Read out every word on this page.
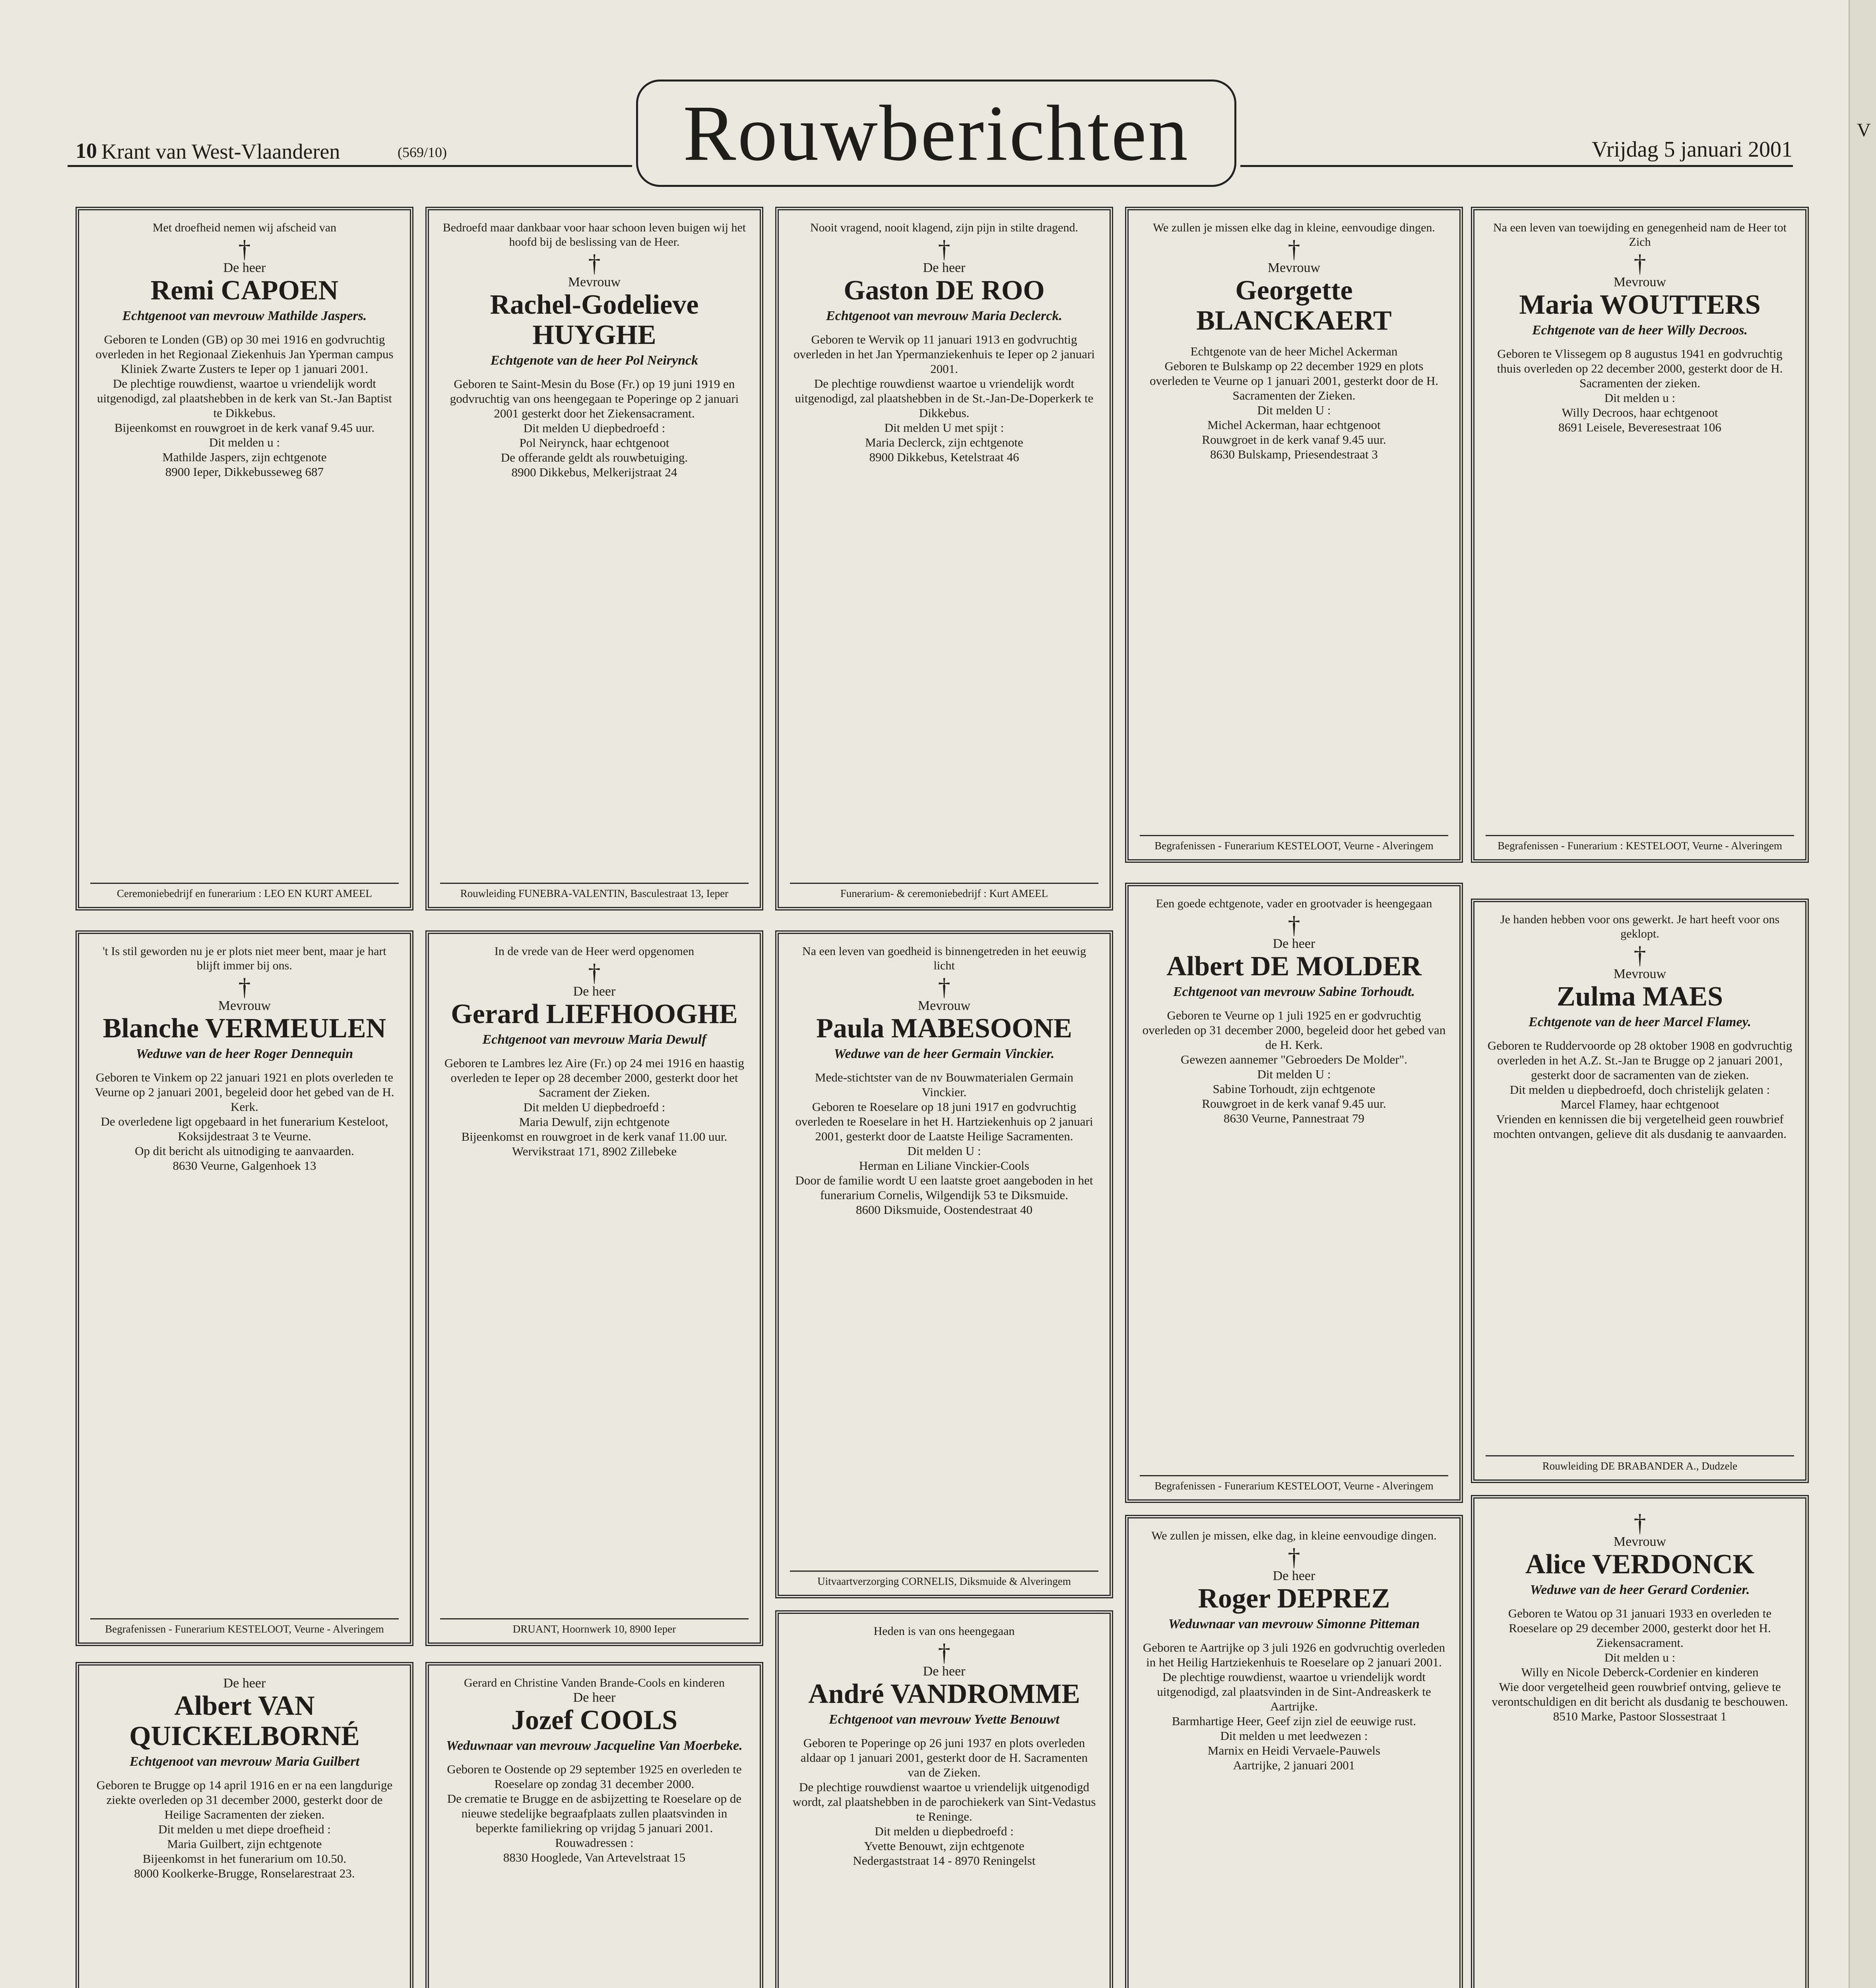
10 Krant van West-Vlaanderen	(569/10)	Rouwberichten	Vrijdag 5 januari 2001
V
Met droefheid nemen wij afscheid van
†
De heer
Remi CAPOEN
Echtgenoot van mevrouw Mathilde Jaspers.
Geboren te Londen (GB) op 30 mei 1916 en godvruchtig overleden in het Regionaal Ziekenhuis Jan Yperman campus Kliniek Zwarte Zusters te Ieper op 1 januari 2001.
De plechtige rouwdienst, waartoe u vriendelijk wordt uitgenodigd, zal plaatshebben in de kerk van St.-Jan Baptist te Dikkebus.
Bijeenkomst en rouwgroet in de kerk vanaf 9.45 uur.
Dit melden u :
Mathilde Jaspers, zijn echtgenote
8900 Ieper, Dikkebusseweg 687
Ceremoniebedrijf en funerarium : LEO EN KURT AMEEL
Bedroefd maar dankbaar voor haar schoon leven buigen wij het hoofd bij de beslissing van de Heer.
†
Mevrouw
Rachel-Godelieve HUYGHE
Echtgenote van de heer Pol Neirynck
Geboren te Saint-Mesin du Bose (Fr.) op 19 juni 1919 en godvruchtig van ons heengegaan te Poperinge op 2 januari 2001 gesterkt door het Ziekensacrament.
Dit melden U diepbedroefd :
Pol Neirynck, haar echtgenoot
De offerande geldt als rouwbetuiging.
8900 Dikkebus, Melkerijstraat 24
Rouwleiding FUNEBRA-VALENTIN, Basculestraat 13, Ieper
Nooit vragend, nooit klagend, zijn pijn in stilte dragend.
†
De heer
Gaston DE ROO
Echtgenoot van mevrouw Maria Declerck.
Geboren te Wervik op 11 januari 1913 en godvruchtig overleden in het Jan Ypermanziekenhuis te Ieper op 2 januari 2001.
De plechtige rouwdienst waartoe u vriendelijk wordt uitgenodigd, zal plaatshebben in de St.-Jan-De-Doperkerk te Dikkebus.
Dit melden U met spijt :
Maria Declerck, zijn echtgenote
8900 Dikkebus, Ketelstraat 46
Funerarium- & ceremoniebedrijf : Kurt AMEEL
We zullen je missen elke dag in kleine, eenvoudige dingen.
†
Mevrouw
Georgette BLANCKAERT
Echtgenote van de heer Michel Ackerman
Geboren te Bulskamp op 22 december 1929 en plots overleden te Veurne op 1 januari 2001, gesterkt door de H. Sacramenten der Zieken.
Dit melden U :
Michel Ackerman, haar echtgenoot
Rouwgroet in de kerk vanaf 9.45 uur.
8630 Bulskamp, Priesendestraat 3
Begrafenissen - Funerarium KESTELOOT, Veurne - Alveringem
Na een leven van toewijding en genegenheid nam de Heer tot Zich
†
Mevrouw
Maria WOUTTERS
Echtgenote van de heer Willy Decroos.
Geboren te Vlissegem op 8 augustus 1941 en godvruchtig thuis overleden op 22 december 2000, gesterkt door de H. Sacramenten der zieken.
Dit melden u :
Willy Decroos, haar echtgenoot
8691 Leisele, Beveresestraat 106
Begrafenissen - Funerarium : KESTELOOT, Veurne - Alveringem
't Is stil geworden nu je er plots niet meer bent, maar je hart blijft immer bij ons.
†
Mevrouw
Blanche VERMEULEN
Weduwe van de heer Roger Dennequin
Geboren te Vinkem op 22 januari 1921 en plots overleden te Veurne op 2 januari 2001, begeleid door het gebed van de H. Kerk.
De overledene ligt opgebaard in het funerarium Kesteloot, Koksijdestraat 3 te Veurne.
Op dit bericht als uitnodiging te aanvaarden.
8630 Veurne, Galgenhoek 13
Begrafenissen - Funerarium KESTELOOT, Veurne - Alveringem
In de vrede van de Heer werd opgenomen
†
De heer
Gerard LIEFHOOGHE
Echtgenoot van mevrouw Maria Dewulf
Geboren te Lambres lez Aire (Fr.) op 24 mei 1916 en haastig overleden te Ieper op 28 december 2000, gesterkt door het Sacrament der Zieken.
Dit melden U diepbedroefd :
Maria Dewulf, zijn echtgenote
Bijeenkomst en rouwgroet in de kerk vanaf 11.00 uur.
Wervikstraat 171, 8902 Zillebeke
DRUANT, Hoornwerk 10, 8900 Ieper
Na een leven van goedheid is binnengetreden in het eeuwig licht
†
Mevrouw
Paula MABESOONE
Weduwe van de heer Germain Vinckier.
Mede-stichtster van de nv Bouwmaterialen Germain Vinckier.
Geboren te Roeselare op 18 juni 1917 en godvruchtig overleden te Roeselare in het H. Hartziekenhuis op 2 januari 2001, gesterkt door de Laatste Heilige Sacramenten.
Dit melden U :
Herman en Liliane Vinckier-Cools
Door de familie wordt U een laatste groet aangeboden in het funerarium Cornelis, Wilgendijk 53 te Diksmuide.
8600 Diksmuide, Oostendestraat 40
Uitvaartverzorging CORNELIS, Diksmuide & Alveringem
Een goede echtgenote, vader en grootvader is heengegaan
†
De heer
Albert DE MOLDER
Echtgenoot van mevrouw Sabine Torhoudt.
Geboren te Veurne op 1 juli 1925 en er godvruchtig overleden op 31 december 2000, begeleid door het gebed van de H. Kerk.
Gewezen aannemer "Gebroeders De Molder".
Dit melden U :
Sabine Torhoudt, zijn echtgenote
Rouwgroet in de kerk vanaf 9.45 uur.
8630 Veurne, Pannestraat 79
Begrafenissen - Funerarium KESTELOOT, Veurne - Alveringem
Je handen hebben voor ons gewerkt. Je hart heeft voor ons geklopt.
†
Mevrouw
Zulma MAES
Echtgenote van de heer Marcel Flamey.
Geboren te Ruddervoorde op 28 oktober 1908 en godvruchtig overleden in het A.Z. St.-Jan te Brugge op 2 januari 2001, gesterkt door de sacramenten van de zieken.
Dit melden u diepbedroefd, doch christelijk gelaten :
Marcel Flamey, haar echtgenoot
Vrienden en kennissen die bij vergetelheid geen rouwbrief mochten ontvangen, gelieve dit als dusdanig te aanvaarden.
Rouwleiding DE BRABANDER A., Dudzele
De heer
Albert VAN QUICKELBORNÉ
Echtgenoot van mevrouw Maria Guilbert
Geboren te Brugge op 14 april 1916 en er na een langdurige ziekte overleden op 31 december 2000, gesterkt door de Heilige Sacramenten der zieken.
Dit melden u met diepe droefheid :
Maria Guilbert, zijn echtgenote
Bijeenkomst in het funerarium om 10.50.
8000 Koolkerke-Brugge, Ronselarestraat 23.
Gerard en Christine Vanden Brande-Cools en kinderen
De heer
Jozef COOLS
Weduwnaar van mevrouw Jacqueline Van Moerbeke.
Geboren te Oostende op 29 september 1925 en overleden te Roeselare op zondag 31 december 2000.
De crematie te Brugge en de asbijzetting te Roeselare op de nieuwe stedelijke begraafplaats zullen plaatsvinden in beperkte familiekring op vrijdag 5 januari 2001.
Rouwadressen :
8830 Hooglede, Van Artevelstraat 15
Heden is van ons heengegaan
†
De heer
André VANDROMME
Echtgenoot van mevrouw Yvette Benouwt
Geboren te Poperinge op 26 juni 1937 en plots overleden aldaar op 1 januari 2001, gesterkt door de H. Sacramenten van de Zieken.
De plechtige rouwdienst waartoe u vriendelijk uitgenodigd wordt, zal plaatshebben in de parochiekerk van Sint-Vedastus te Reninge.
Dit melden u diepbedroefd :
Yvette Benouwt, zijn echtgenote
Nedergaststraat 14 - 8970 Reningelst
We zullen je missen, elke dag, in kleine eenvoudige dingen.
†
De heer
Roger DEPREZ
Weduwnaar van mevrouw Simonne Pitteman
Geboren te Aartrijke op 3 juli 1926 en godvruchtig overleden in het Heilig Hartziekenhuis te Roeselare op 2 januari 2001.
De plechtige rouwdienst, waartoe u vriendelijk wordt uitgenodigd, zal plaatsvinden in de Sint-Andreaskerk te Aartrijke.
Barmhartige Heer, Geef zijn ziel de eeuwige rust.
Dit melden u met leedwezen :
Marnix en Heidi Vervaele-Pauwels
Aartrijke, 2 januari 2001
†
Mevrouw
Alice VERDONCK
Weduwe van de heer Gerard Cordenier.
Geboren te Watou op 31 januari 1933 en overleden te Roeselare op 29 december 2000, gesterkt door het H. Ziekensacrament.
Dit melden u :
Willy en Nicole Deberck-Cordenier en kinderen
Wie door vergetelheid geen rouwbrief ontving, gelieve te verontschuldigen en dit bericht als dusdanig te beschouwen.
8510 Marke, Pastoor Slossestraat 1
